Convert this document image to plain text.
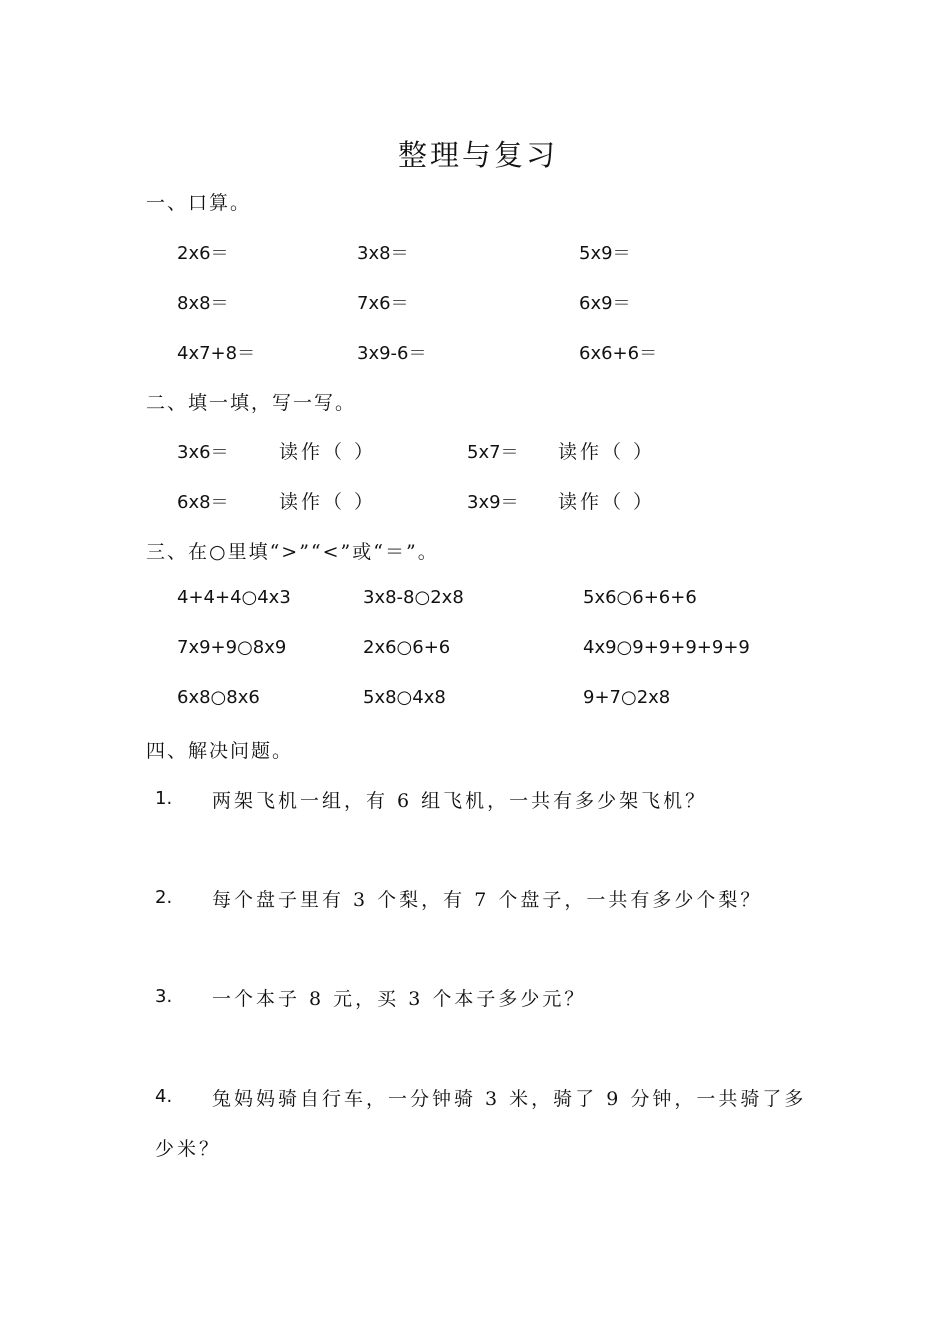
整理与复习
一、口算。
2x6＝	3x8＝	5x9＝
8x8＝	7x6＝	6x9＝
4x7+8＝	3x9-6＝	6x6+6＝
二、填一填，写一写。
3x6＝	读作（ ）	5x7＝ 读作（ ）
6x8＝	读作（ ）	3x9＝ 读作（ ）
三、在○里填“>”“<”或“＝”。
4+4+4○4x3	3x8-8○2x8	5x6○6+6+6
7x9+9○8x9	2x6○6+6	4x9○9+9+9+9+9
6x8○8x6	5x8○4x8	9+7○2x8
四、解决问题。
1. 两架飞机一组，有 6 组飞机，一共有多少架飞机？
2. 每个盘子里有 3 个梨，有 7 个盘子，一共有多少个梨？
3. 一个本子 8 元，买 3 个本子多少元？
4. 兔妈妈骑自行车，一分钟骑 3 米，骑了 9 分钟，一共骑了多
少米？
